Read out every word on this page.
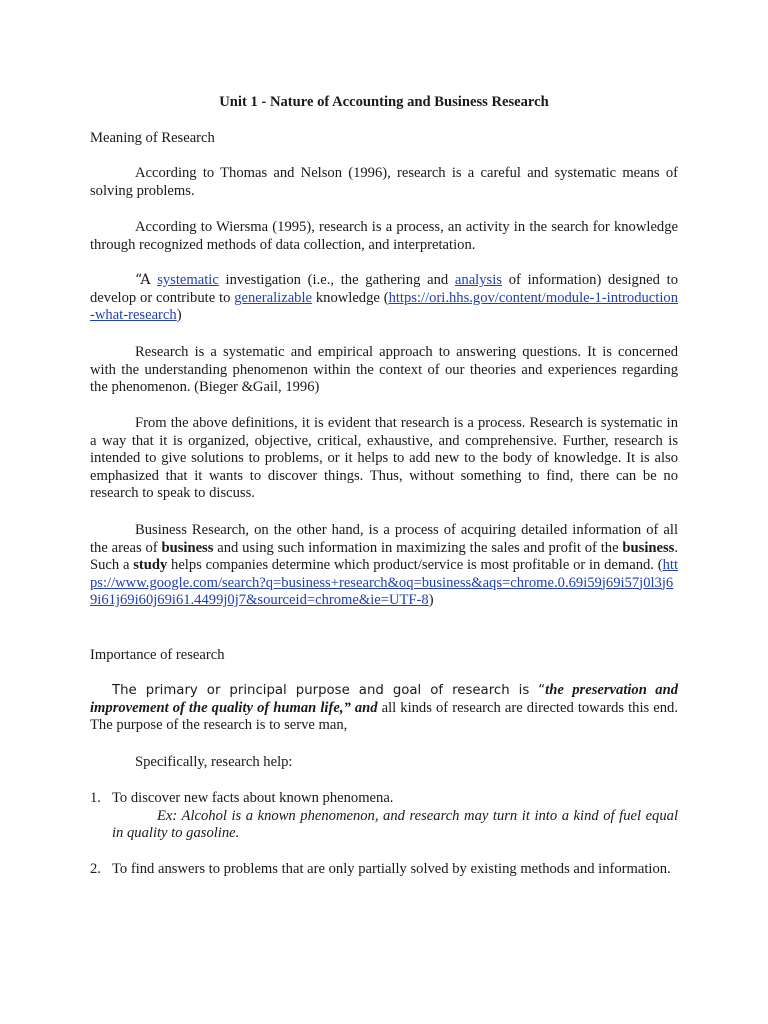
Unit 1 - Nature of Accounting and Business Research
Meaning of Research
According to Thomas and Nelson (1996), research is a careful and systematic means of solving problems.
According to Wiersma (1995), research is a process, an activity in the search for knowledge through recognized methods of data collection, and interpretation.
“A systematic investigation (i.e., the gathering and analysis of information) designed to develop or contribute to generalizable knowledge (https://ori.hhs.gov/content/module-1-introduction-what-research)
Research is a systematic and empirical approach to answering questions. It is concerned with the understanding phenomenon within the context of our theories and experiences regarding the phenomenon. (Bieger &Gail, 1996)
From the above definitions, it is evident that research is a process. Research is systematic in a way that it is organized, objective, critical, exhaustive, and comprehensive. Further, research is intended to give solutions to problems, or it helps to add new to the body of knowledge. It is also emphasized that it wants to discover things. Thus, without something to find, there can be no research to speak to discuss.
Business Research, on the other hand, is a process of acquiring detailed information of all the areas of business and using such information in maximizing the sales and profit of the business. Such a study helps companies determine which product/service is most profitable or in demand. (https://www.google.com/search?q=business+research&oq=business&aqs=chrome.0.69i59j69i57j0l3j69i61j69i60j69i61.4499j0j7&sourceid=chrome&ie=UTF-8)
Importance of research
The primary or principal purpose and goal of research is “the preservation and improvement of the quality of human life,” and all kinds of research are directed towards this end. The purpose of the research is to serve man,
Specifically, research help:
1. To discover new facts about known phenomena.
Ex: Alcohol is a known phenomenon, and research may turn it into a kind of fuel equal in quality to gasoline.
2. To find answers to problems that are only partially solved by existing methods and information.
